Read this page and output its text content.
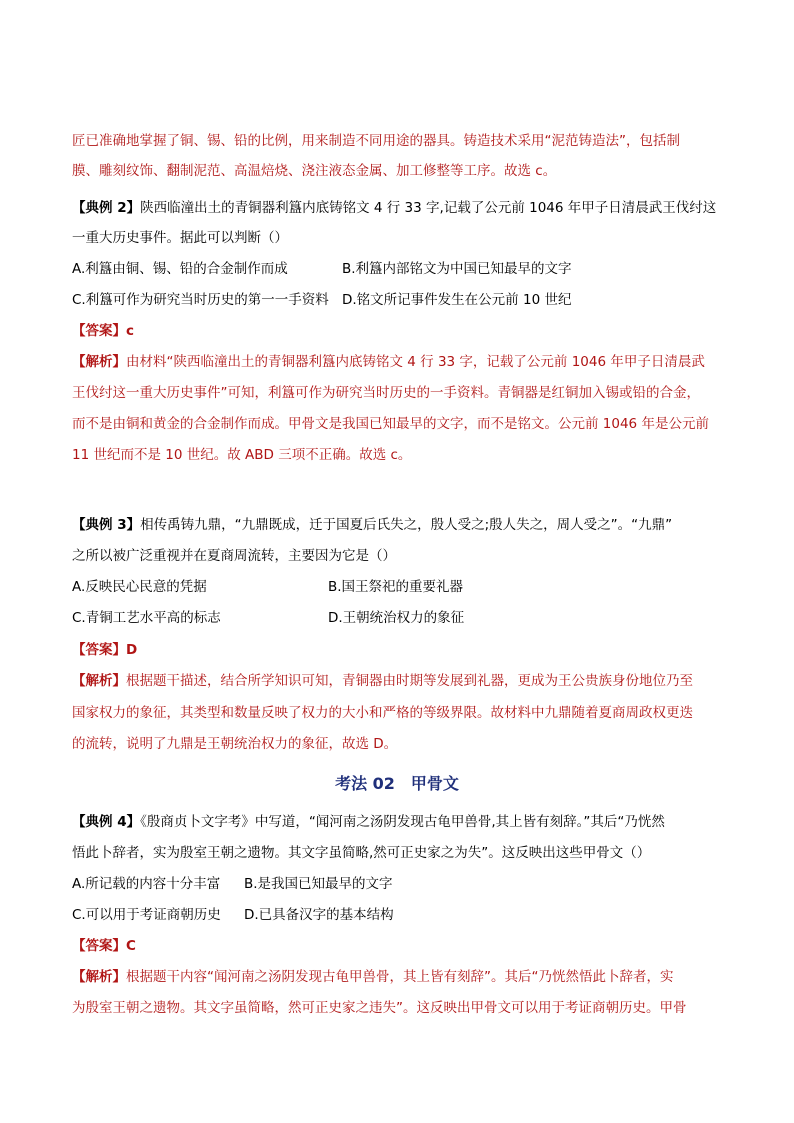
匠已准确地掌握了铜、锡、铅的比例，用来制造不同用途的器具。铸造技术采用“泥范铸造法”，包括制
膜、雕刻纹饰、翻制泥范、高温焙烧、浇注液态金属、加工修整等工序。故选 c。
【典例 2】陕西临潼出土的青铜器利簋内底铸铭文 4 行 33 字,记载了公元前 1046 年甲子日清晨武王伐纣这
一重大历史事件。据此可以判断（）
A.利簋由铜、锡、铅的合金制作而成	B.利簋内部铭文为中国已知最早的文字
C.利簋可作为研究当时历史的第一一手资料 D.铭文所记事件发生在公元前 10 世纪
【答案】c
【解析】由材料“陕西临潼出土的青铜器利簋内底铸铭文 4 行 33 字，记载了公元前 1046 年甲子日清晨武
王伐纣这一重大历史事件”可知，利簋可作为研究当时历史的一手资料。青铜器是红铜加入锡或铅的合金，
而不是由铜和黄金的合金制作而成。甲骨文是我国已知最早的文字，而不是铭文。公元前 1046 年是公元前
11 世纪而不是 10 世纪。故 ABD 三项不正确。故选 c。
【典例 3】相传禹铸九鼎，“九鼎既成，迁于国夏后氏失之，殷人受之;殷人失之，周人受之”。“九鼎”
之所以被广泛重视并在夏商周流转，主要因为它是（）
A.反映民心民意的凭据	B.国王祭祀的重要礼器
C.青铜工艺水平高的标志	D.王朝统治权力的象征
【答案】D
【解析】根据题干描述，结合所学知识可知，青铜器由时期等发展到礼器，更成为王公贵族身份地位乃至
国家权力的象征，其类型和数量反映了权力的大小和严格的等级界限。故材料中九鼎随着夏商周政权更迭
的流转，说明了九鼎是王朝统治权力的象征，故选 D。
考法 02　甲骨文
【典例 4】《殷商贞卜文字考》中写道，“闻河南之汤阴发现古龟甲兽骨,其上皆有刻辞。”其后“乃恍然
悟此卜辞者，实为殷室王朝之遗物。其文字虽简略,然可正史家之为失”。这反映出这些甲骨文（）
A.所记载的内容十分丰富 B.是我国已知最早的文字
C.可以用于考证商朝历史 D.已具备汉字的基本结构
【答案】C
【解析】根据题干内容“闻河南之汤阴发现古龟甲兽骨，其上皆有刻辞”。其后“乃恍然悟此卜辞者，实
为殷室王朝之遗物。其文字虽简略，然可正史家之违失”。这反映出甲骨文可以用于考证商朝历史。甲骨
